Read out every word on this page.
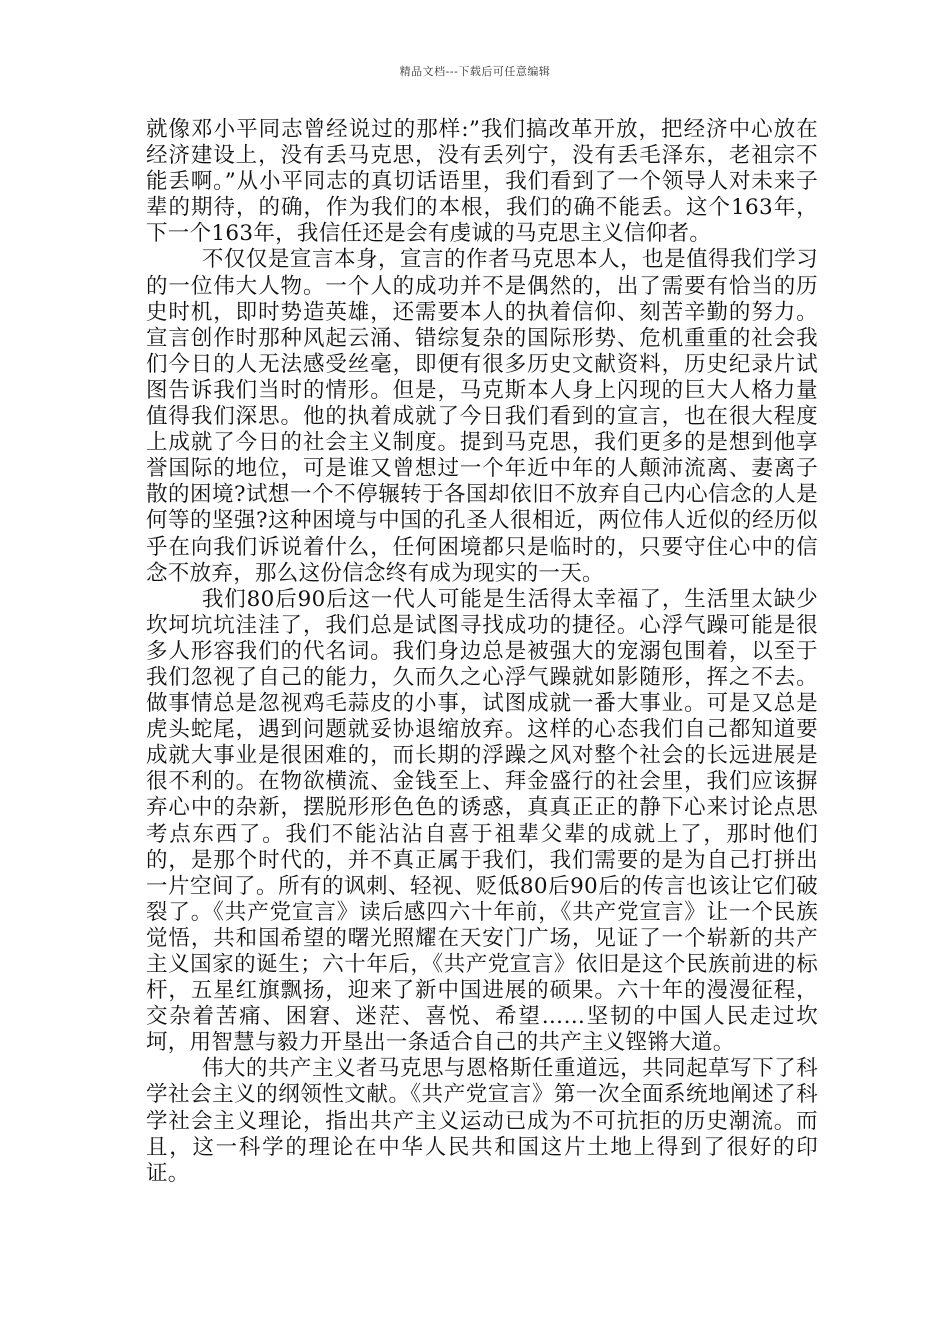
精品文档---下载后可任意编辑

就像邓小平同志曾经说过的那样:”我们搞改革开放，把经济中心放在经济建设上，没有丢马克思，没有丢列宁，没有丢毛泽东，老祖宗不能丢啊。”从小平同志的真切话语里，我们看到了一个领导人对未来子辈的期待，的确，作为我们的本根，我们的确不能丢。这个163年，下一个163年，我信任还是会有虔诚的马克思主义信仰者。

不仅仅是宣言本身，宣言的作者马克思本人，也是值得我们学习的一位伟大人物。一个人的成功并不是偶然的，出了需要有恰当的历史时机，即时势造英雄，还需要本人的执着信仰、刻苦辛勤的努力。宣言创作时那种风起云涌、错综复杂的国际形势、危机重重的社会我们今日的人无法感受丝毫，即便有很多历史文献资料，历史纪录片试图告诉我们当时的情形。但是，马克斯本人身上闪现的巨大人格力量值得我们深思。他的执着成就了今日我们看到的宣言，也在很大程度上成就了今日的社会主义制度。提到马克思，我们更多的是想到他享誉国际的地位，可是谁又曾想过一个年近中年的人颠沛流离、妻离子散的困境?试想一个不停辗转于各国却依旧不放弃自己内心信念的人是何等的坚强?这种困境与中国的孔圣人很相近，两位伟人近似的经历似乎在向我们诉说着什么，任何困境都只是临时的，只要守住心中的信念不放弃，那么这份信念终有成为现实的一天。

我们80后90后这一代人可能是生活得太幸福了，生活里太缺少坎坷坑坑洼洼了，我们总是试图寻找成功的捷径。心浮气躁可能是很多人形容我们的代名词。我们身边总是被强大的宠溺包围着，以至于我们忽视了自己的能力，久而久之心浮气躁就如影随形，挥之不去。做事情总是忽视鸡毛蒜皮的小事，试图成就一番大事业。可是又总是虎头蛇尾，遇到问题就妥协退缩放弃。这样的心态我们自己都知道要成就大事业是很困难的，而长期的浮躁之风对整个社会的长远进展是很不利的。在物欲横流、金钱至上、拜金盛行的社会里，我们应该摒弃心中的杂新，摆脱形形色色的诱惑，真真正正的静下心来讨论点思考点东西了。我们不能沾沾自喜于祖辈父辈的成就上了，那时他们的，是那个时代的，并不真正属于我们，我们需要的是为自己打拼出一片空间了。所有的讽刺、轻视、贬低80后90后的传言也该让它们破裂了。《共产党宣言》读后感四六十年前，《共产党宣言》让一个民族觉悟，共和国希望的曙光照耀在天安门广场，见证了一个崭新的共产主义国家的诞生；六十年后，《共产党宣言》依旧是这个民族前进的标杆，五星红旗飘扬，迎来了新中国进展的硕果。六十年的漫漫征程，交杂着苦痛、困窘、迷茫、喜悦、希望……坚韧的中国人民走过坎坷，用智慧与毅力开垦出一条适合自己的共产主义铿锵大道。

伟大的共产主义者马克思与恩格斯任重道远，共同起草写下了科学社会主义的纲领性文献。《共产党宣言》第一次全面系统地阐述了科学社会主义理论，指出共产主义运动已成为不可抗拒的历史潮流。而且，这一科学的理论在中华人民共和国这片土地上得到了很好的印证。
